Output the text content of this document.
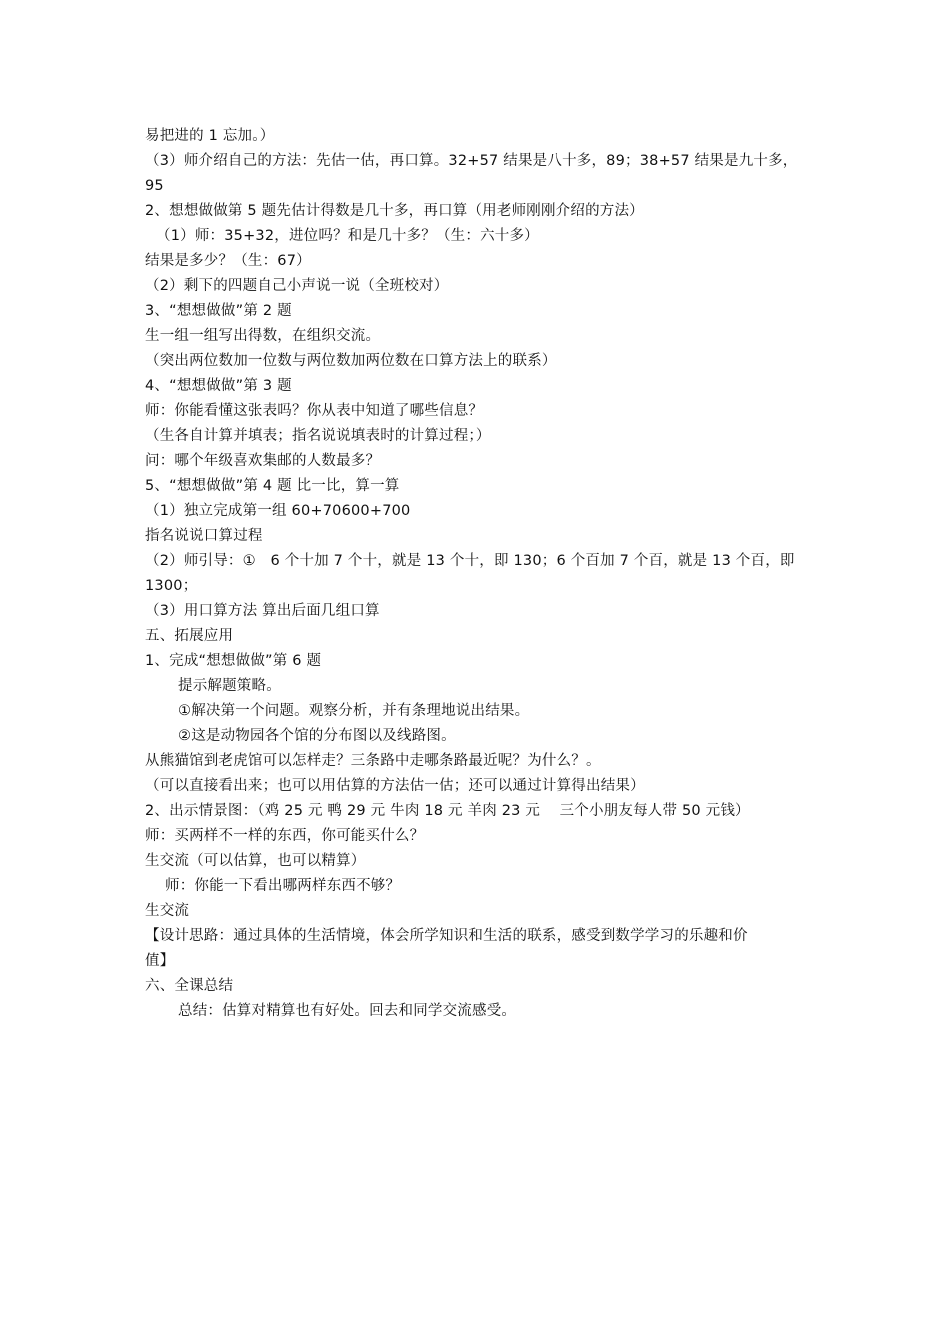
易把进的 1 忘加。）
（3）师介绍自己的方法：先估一估，再口算。32+57 结果是八十多，89；38+57 结果是九十多，
95
2、想想做做第 5 题先估计得数是几十多，再口算（用老师刚刚介绍的方法）
（1）师：35+32，进位吗？和是几十多？（生：六十多）
结果是多少？（生：67）
（2）剩下的四题自己小声说一说（全班校对）
3、“想想做做”第 2 题
生一组一组写出得数，在组织交流。
（突出两位数加一位数与两位数加两位数在口算方法上的联系）
4、“想想做做”第 3 题
师：你能看懂这张表吗？你从表中知道了哪些信息？
（生各自计算并填表；指名说说填表时的计算过程；）
问：哪个年级喜欢集邮的人数最多？
5、“想想做做”第 4 题 比一比，算一算
（1）独立完成第一组 60+70600+700
指名说说口算过程
（2）师引导：①　6 个十加 7 个十，就是 13 个十，即 130；6 个百加 7 个百，就是 13 个百，即
1300；
（3）用口算方法 算出后面几组口算
五、拓展应用
1、完成“想想做做”第 6 题
提示解题策略。
①解决第一个问题。观察分析，并有条理地说出结果。
②这是动物园各个馆的分布图以及线路图。
从熊猫馆到老虎馆可以怎样走？三条路中走哪条路最近呢？为什么？。
（可以直接看出来；也可以用估算的方法估一估；还可以通过计算得出结果）
2、出示情景图：（鸡 25 元 鸭 29 元 牛肉 18 元 羊肉 23 元　 三个小朋友每人带 50 元钱）
师：买两样不一样的东西，你可能买什么？
生交流（可以估算，也可以精算）
师：你能一下看出哪两样东西不够？
生交流
【设计思路：通过具体的生活情境，体会所学知识和生活的联系，感受到数学学习的乐趣和价
值】
六、全课总结
总结：估算对精算也有好处。回去和同学交流感受。
